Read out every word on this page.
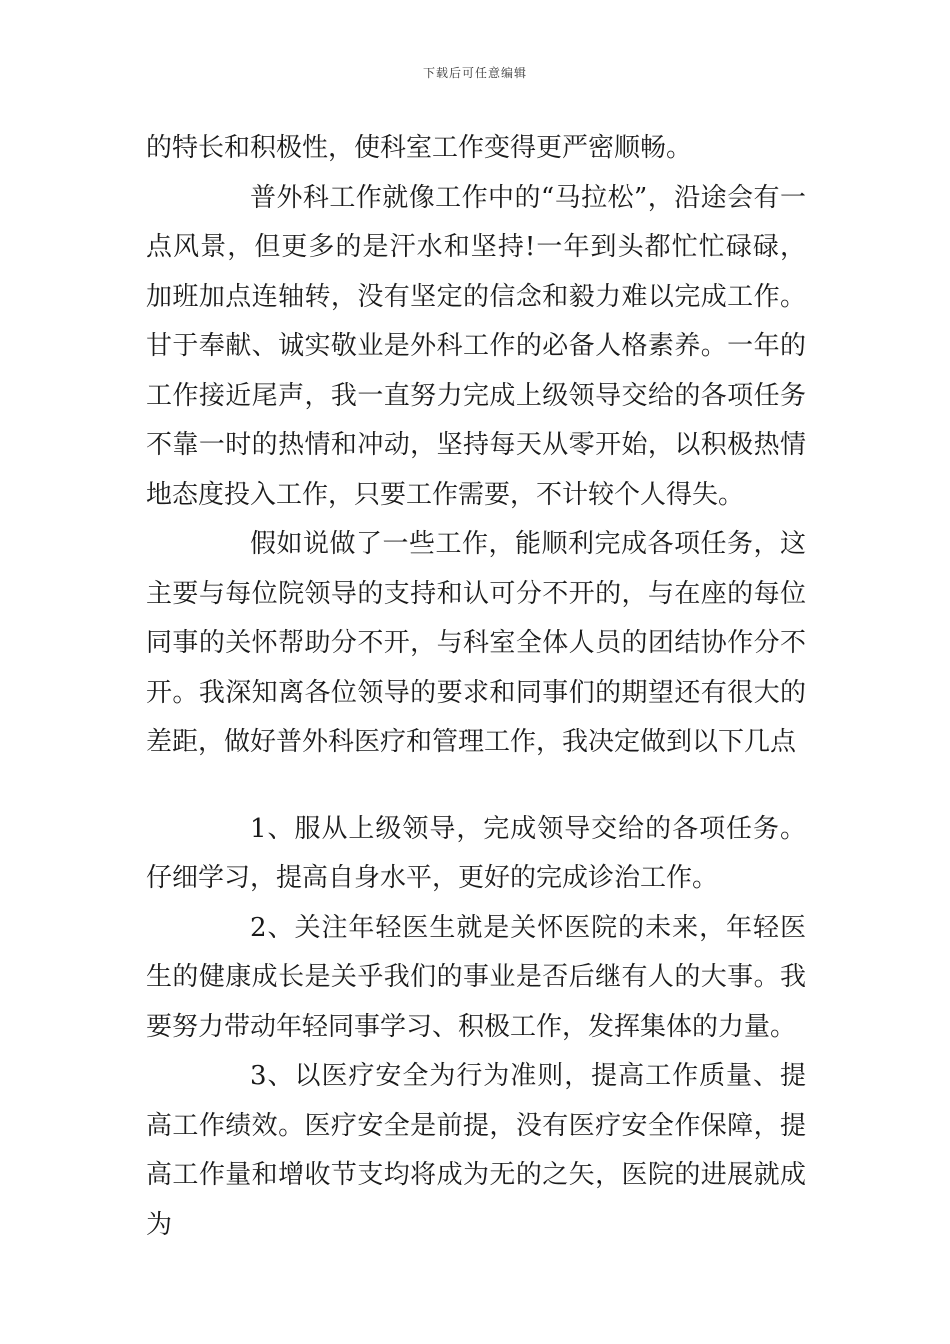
下载后可任意编辑

的特长和积极性，使科室工作变得更严密顺畅。

普外科工作就像工作中的“马拉松”，沿途会有一点风景，但更多的是汗水和坚持!一年到头都忙忙碌碌，加班加点连轴转，没有坚定的信念和毅力难以完成工作。甘于奉献、诚实敬业是外科工作的必备人格素养。一年的工作接近尾声，我一直努力完成上级领导交给的各项任务不靠一时的热情和冲动，坚持每天从零开始，以积极热情地态度投入工作，只要工作需要，不计较个人得失。

假如说做了一些工作，能顺利完成各项任务，这主要与每位院领导的支持和认可分不开的，与在座的每位同事的关怀帮助分不开，与科室全体人员的团结协作分不开。我深知离各位领导的要求和同事们的期望还有很大的差距，做好普外科医疗和管理工作，我决定做到以下几点

1、服从上级领导，完成领导交给的各项任务。仔细学习，提高自身水平，更好的完成诊治工作。

2、关注年轻医生就是关怀医院的未来，年轻医生的健康成长是关乎我们的事业是否后继有人的大事。我要努力带动年轻同事学习、积极工作，发挥集体的力量。

3、以医疗安全为行为准则，提高工作质量、提高工作绩效。医疗安全是前提，没有医疗安全作保障，提高工作量和增收节支均将成为无的之矢，医院的进展就成为
